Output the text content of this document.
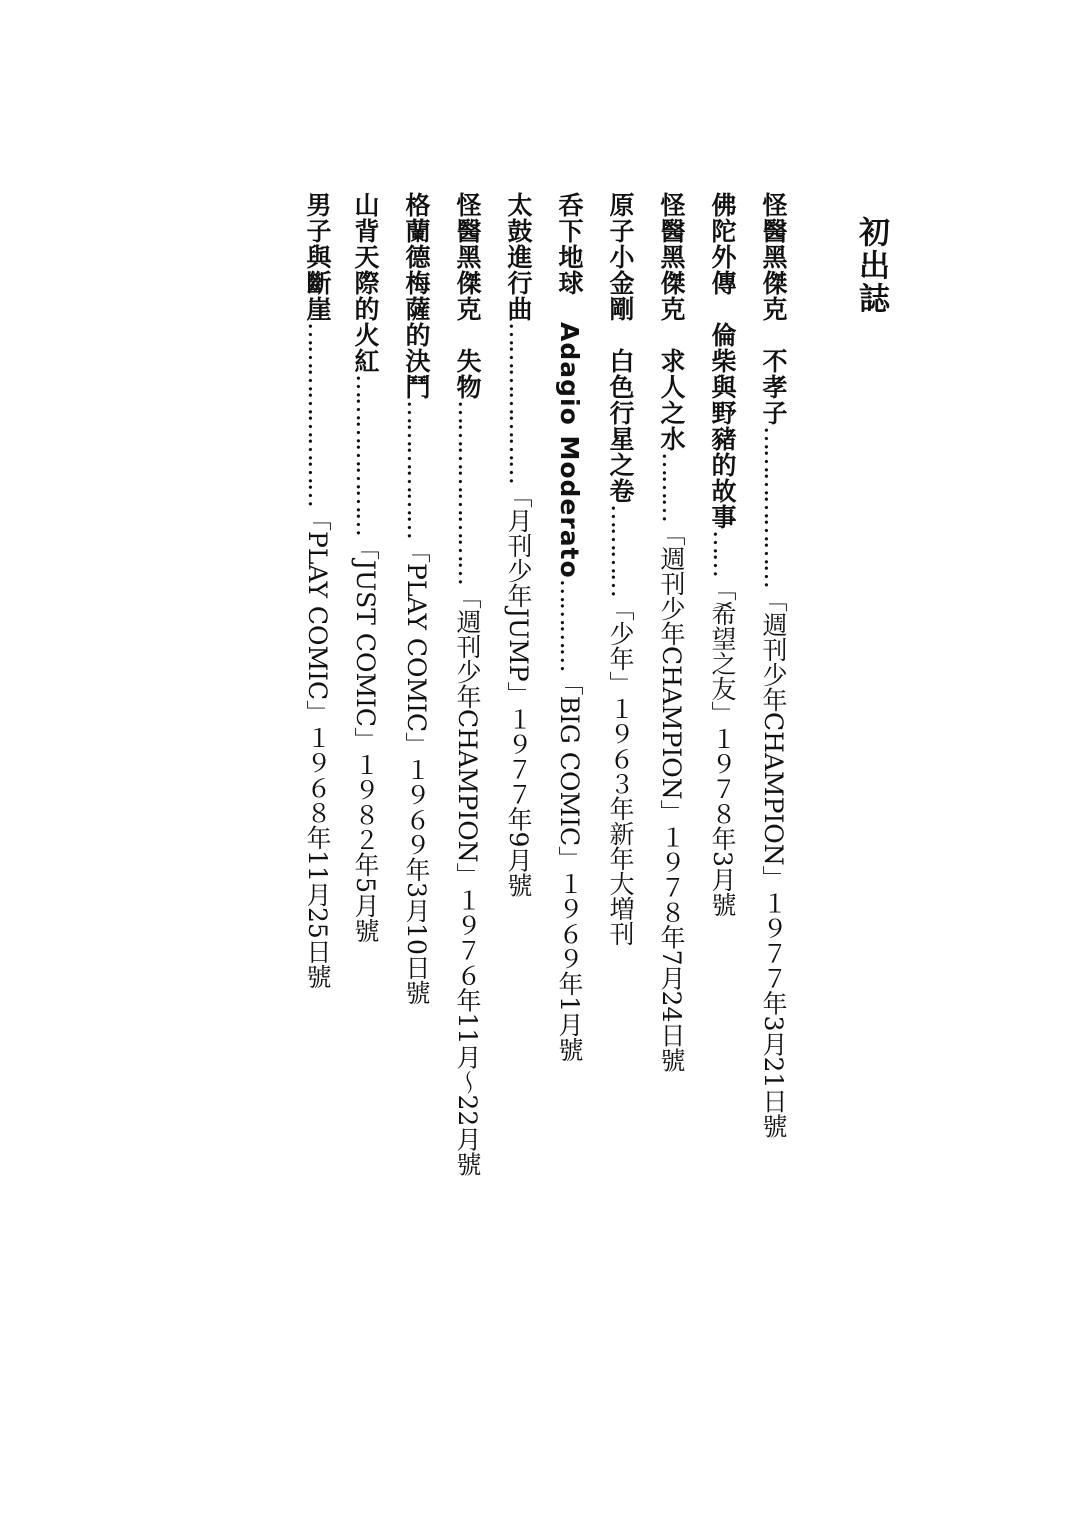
初出誌
怪醫黑傑克　不孝子…………………「週刊少年CHAMPION」１９７７年3月21日號
佛陀外傳　倫柴與野豬的故事……「希望之友」１９７８年3月號
怪醫黑傑克　求人之水………「週刊少年CHAMPION」１９７８年7月24日號
原子小金剛　白色行星之卷…………「少年」１９６３年新年大増刊
呑下地球　Adagio Moderato…………「BIG COMIC」１９６９年1月號
太鼓進行曲…………………「月刊少年JUMP」１９７７年9月號
怪醫黑傑克　失物……………………「週刊少年CHAMPION」１９７６年11月～22月號
格蘭德梅薩的決鬥………………「PLAY COMIC」１９６９年3月10日號
山背天際的火紅…………………「JUST COMIC」１９８２年5月號
男子與斷崖……………………「PLAY COMIC」１９６８年11月25日號
